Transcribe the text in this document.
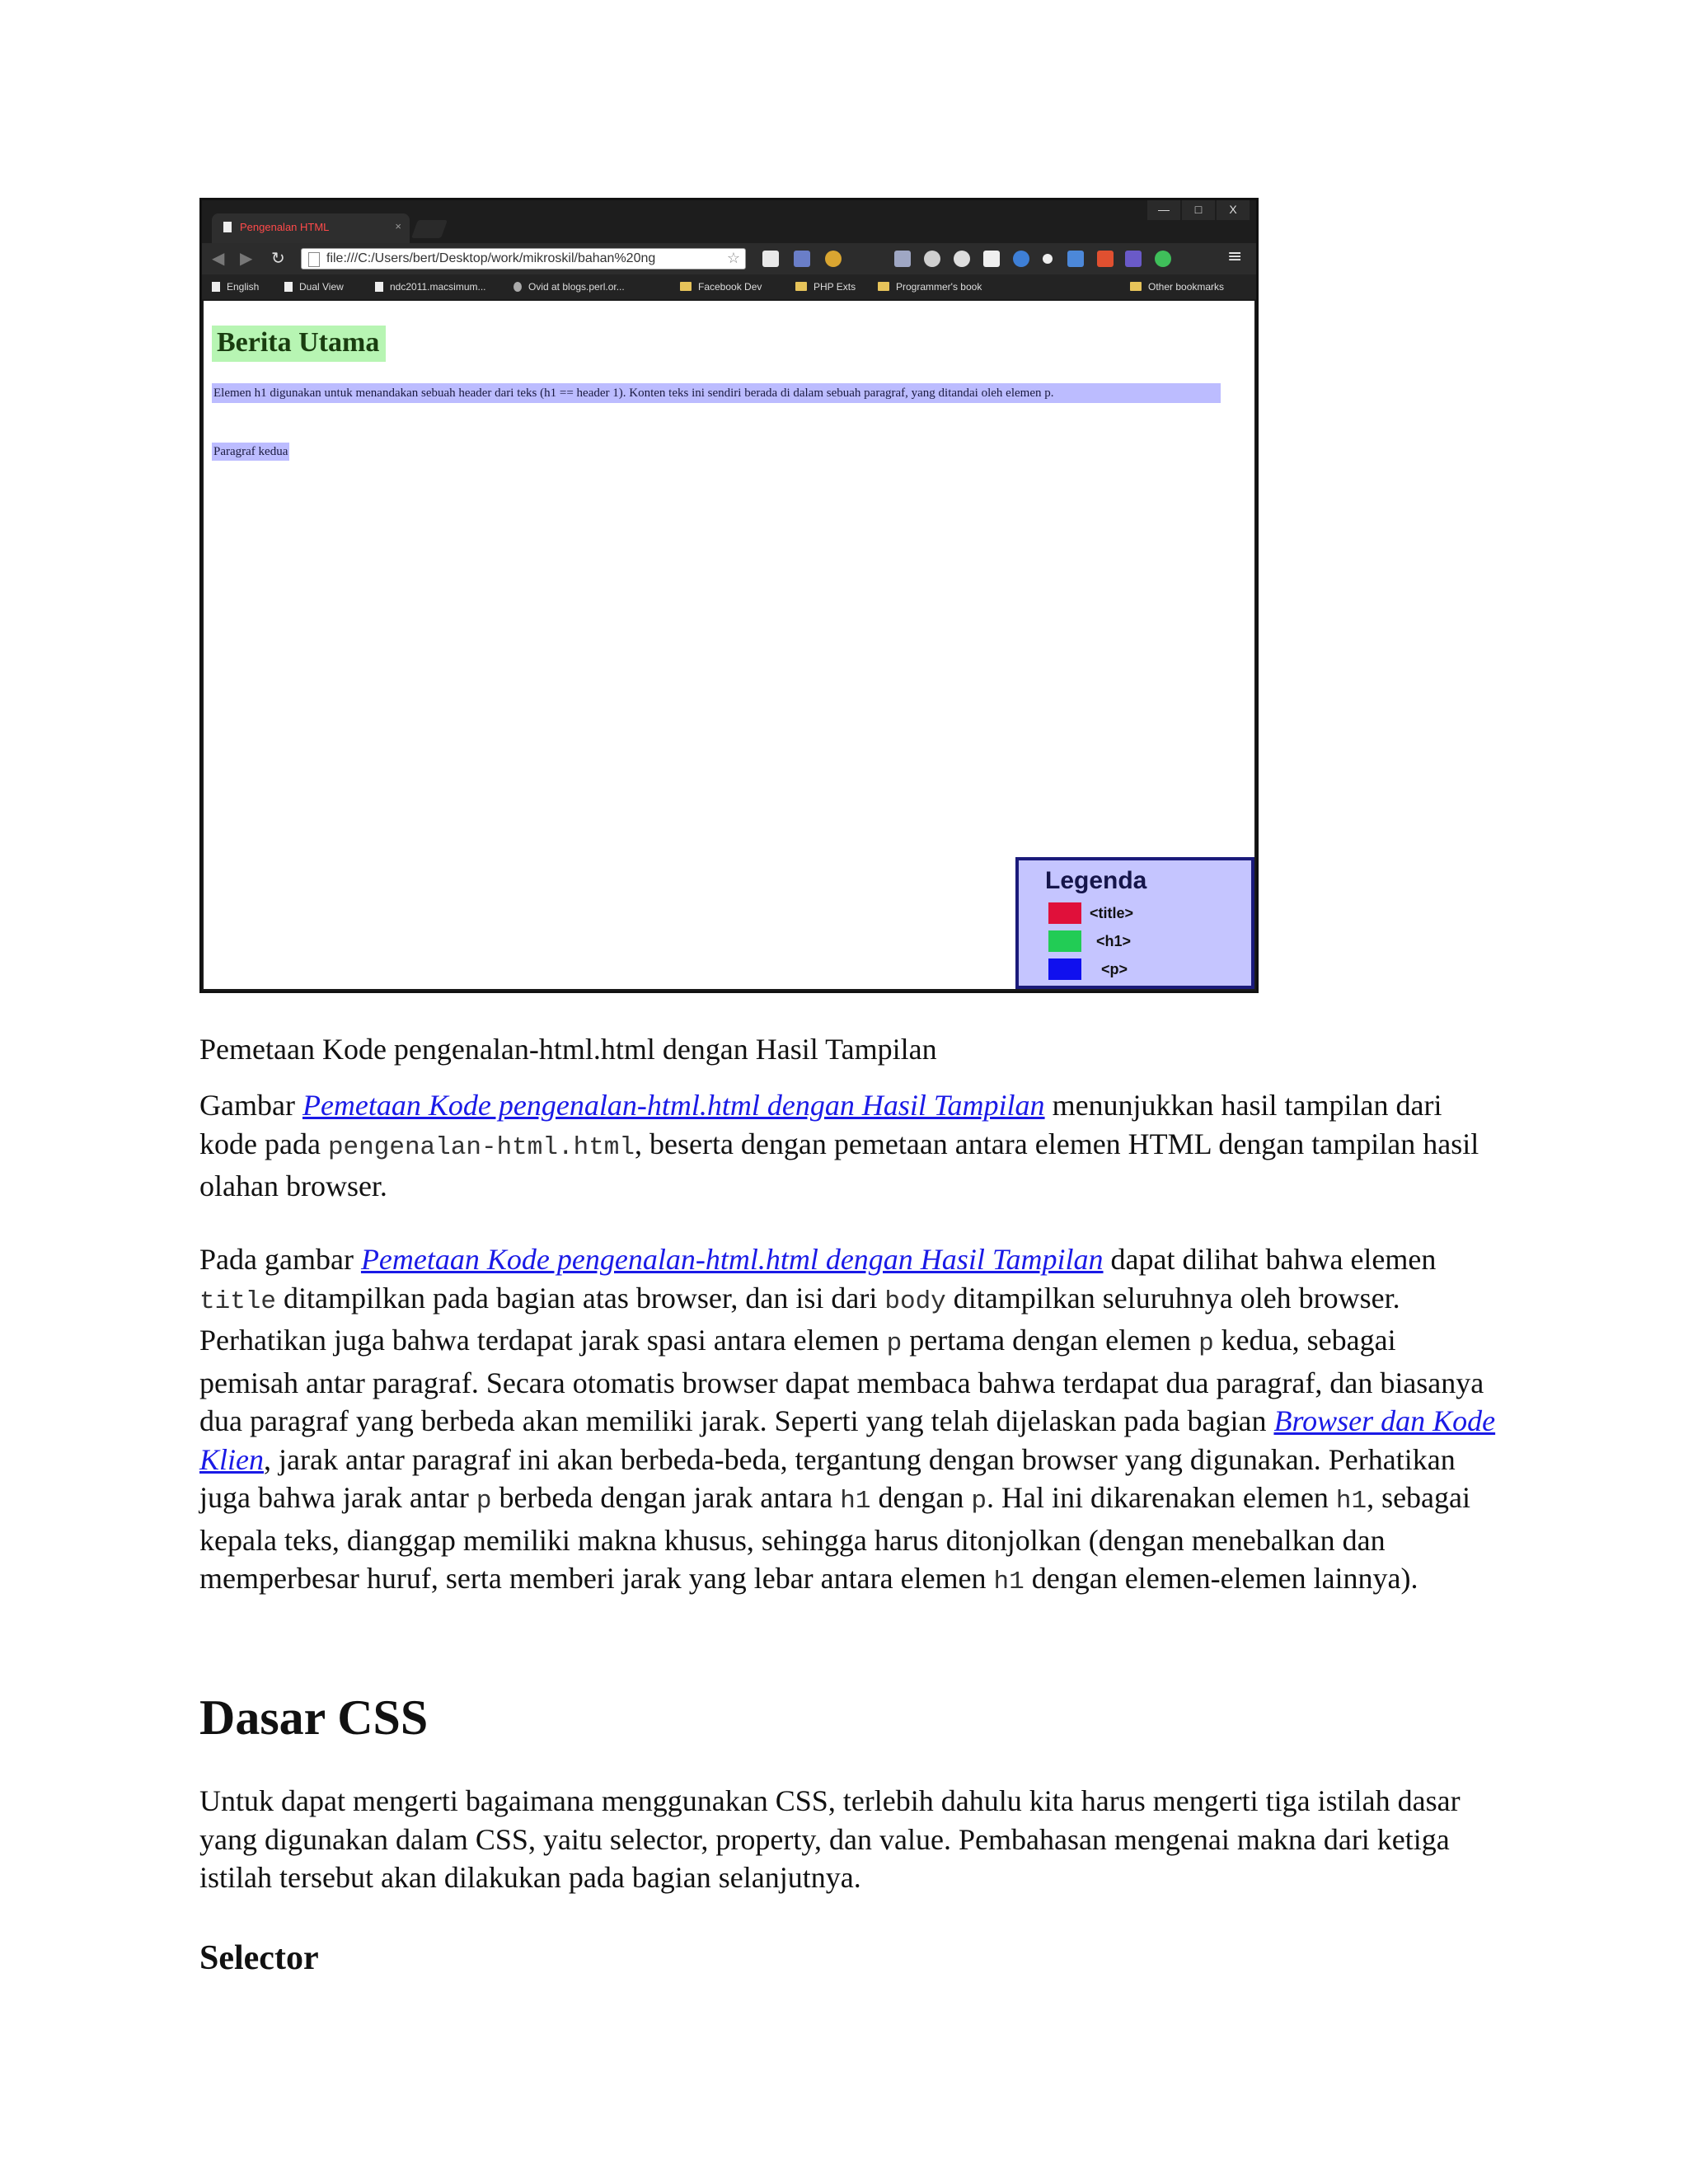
Pengenalan HTML	×
—	□	X
◀ ▶ ↻	file:///C:/Users/bert/Desktop/work/mikroskil/bahan%20ng	☆	≡
English	Dual View	ndc2011.macsimum...	Ovid at blogs.perl.or...	Facebook Dev	PHP Exts	Programmer's book	Other bookmarks
Berita Utama
Elemen h1 digunakan untuk menandakan sebuah header dari teks (h1 == header 1). Konten teks ini sendiri berada di dalam sebuah paragraf, yang ditandai oleh elemen p.
Paragraf kedua
Legenda
<title>
<h1>
<p>
Pemetaan Kode pengenalan-html.html dengan Hasil Tampilan

Gambar Pemetaan Kode pengenalan-html.html dengan Hasil Tampilan menunjukkan hasil tampilan dari kode pada pengenalan-html.html, beserta dengan pemetaan antara elemen HTML dengan tampilan hasil olahan browser.

Pada gambar Pemetaan Kode pengenalan-html.html dengan Hasil Tampilan dapat dilihat bahwa elemen title ditampilkan pada bagian atas browser, dan isi dari body ditampilkan seluruhnya oleh browser. Perhatikan juga bahwa terdapat jarak spasi antara elemen p pertama dengan elemen p kedua, sebagai pemisah antar paragraf. Secara otomatis browser dapat membaca bahwa terdapat dua paragraf, dan biasanya dua paragraf yang berbeda akan memiliki jarak. Seperti yang telah dijelaskan pada bagian Browser dan Kode Klien, jarak antar paragraf ini akan berbeda-beda, tergantung dengan browser yang digunakan. Perhatikan juga bahwa jarak antar p berbeda dengan jarak antara h1 dengan p. Hal ini dikarenakan elemen h1, sebagai kepala teks, dianggap memiliki makna khusus, sehingga harus ditonjolkan (dengan menebalkan dan memperbesar huruf, serta memberi jarak yang lebar antara elemen h1 dengan elemen-elemen lainnya).

Dasar CSS

Untuk dapat mengerti bagaimana menggunakan CSS, terlebih dahulu kita harus mengerti tiga istilah dasar yang digunakan dalam CSS, yaitu selector, property, dan value. Pembahasan mengenai makna dari ketiga istilah tersebut akan dilakukan pada bagian selanjutnya.

Selector
